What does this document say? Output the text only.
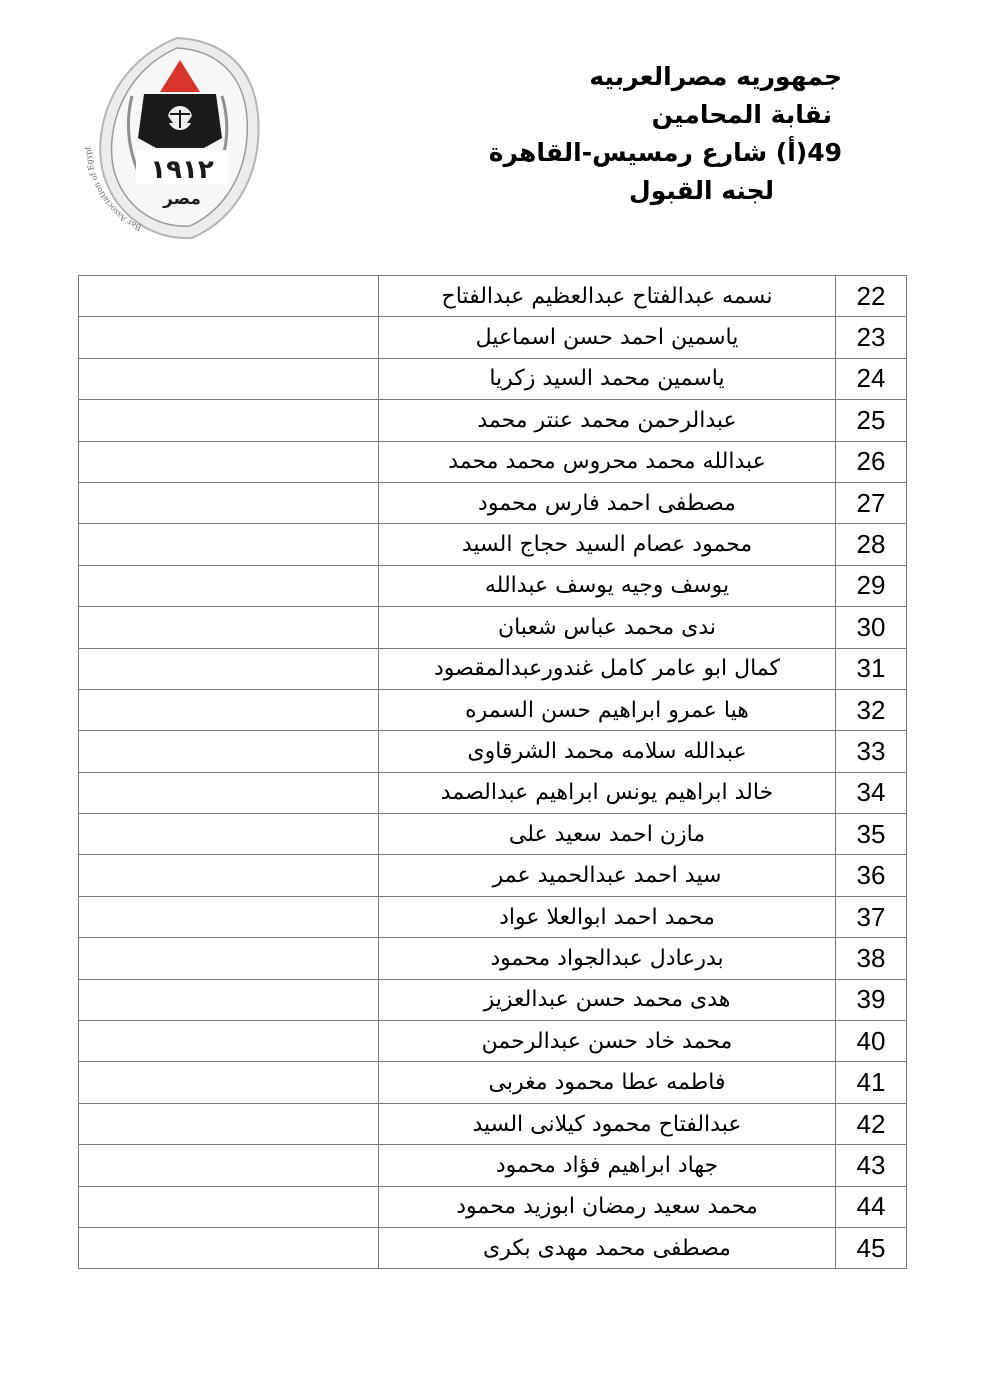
١٩١٢
مصر
Bar Association of Egypt
جمهوريه مصرالعربيه
نقابة المحامين
49(أ) شارع رمسيس-القاهرة
لجنه القبول
22	نسمه عبدالفتاح عبدالعظيم عبدالفتاح	
23	ياسمين احمد حسن اسماعيل	
24	ياسمين محمد السيد زكريا	
25	عبدالرحمن محمد عنتر محمد	
26	عبدالله محمد محروس محمد محمد	
27	مصطفى احمد فارس محمود	
28	محمود عصام السيد حجاج السيد	
29	يوسف وجيه يوسف عبدالله	
30	ندى محمد عباس شعبان	
31	كمال ابو عامر كامل غندورعبدالمقصود	
32	هيا عمرو ابراهيم حسن السمره	
33	عبدالله سلامه محمد الشرقاوى	
34	خالد ابراهيم يونس ابراهيم عبدالصمد	
35	مازن احمد سعيد على	
36	سيد احمد عبدالحميد عمر	
37	محمد احمد ابوالعلا عواد	
38	بدرعادل عبدالجواد محمود	
39	هدى محمد حسن عبدالعزيز	
40	محمد خاد حسن عبدالرحمن	
41	فاطمه عطا محمود مغربى	
42	عبدالفتاح محمود كيلانى السيد	
43	جهاد ابراهيم فؤاد محمود	
44	محمد سعيد رمضان ابوزيد محمود	
45	مصطفى محمد مهدى بكرى	
